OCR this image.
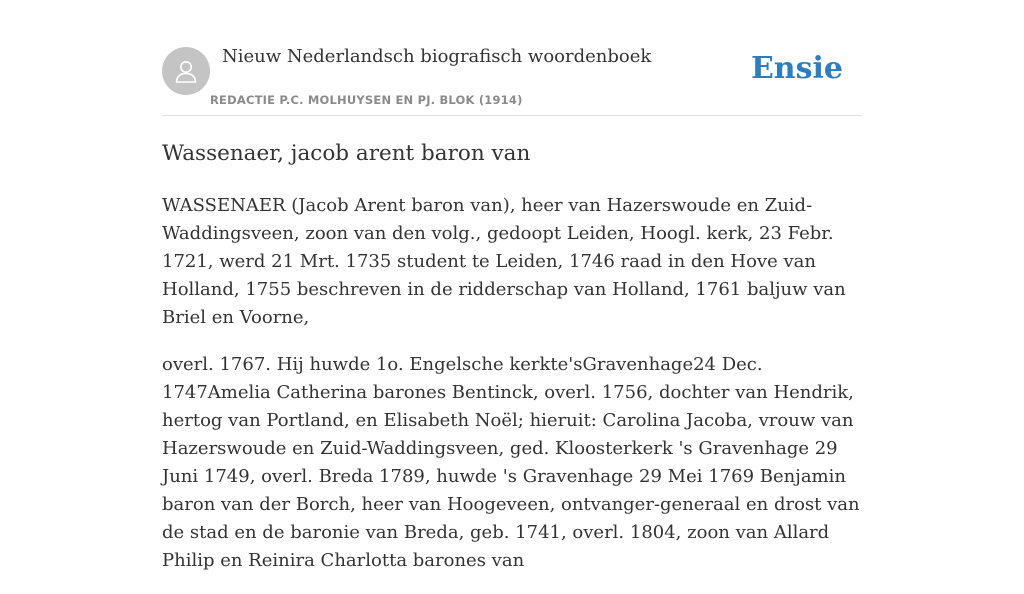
Nieuw Nederlandsch biografisch woordenboek
REDACTIE P.C. MOLHUYSEN EN PJ. BLOK (1914)
Ensie
Wassenaer, jacob arent baron van

WASSENAER (Jacob Arent baron van), heer van Hazerswoude en Zuid-Waddingsveen, zoon van den volg., gedoopt Leiden, Hoogl. kerk, 23 Febr. 1721, werd 21 Mrt. 1735 student te Leiden, 1746 raad in den Hove van Holland, 1755 beschreven in de ridderschap van Holland, 1761 baljuw van Briel en Voorne,

overl. 1767. Hij huwde 1o. Engelsche kerkte'sGravenhage24 Dec. 1747Amelia Catherina barones Bentinck, overl. 1756, dochter van Hendrik, hertog van Portland, en Elisabeth Noël; hieruit: Carolina Jacoba, vrouw van Hazerswoude en Zuid-Waddingsveen, ged. Kloosterkerk 's Gravenhage 29 Juni 1749, overl. Breda 1789, huwde 's Gravenhage 29 Mei 1769 Benjamin baron van der Borch, heer van Hoogeveen, ontvanger-generaal en drost van de stad en de baronie van Breda, geb. 1741, overl. 1804, zoon van Allard Philip en Reinira Charlotta barones van
